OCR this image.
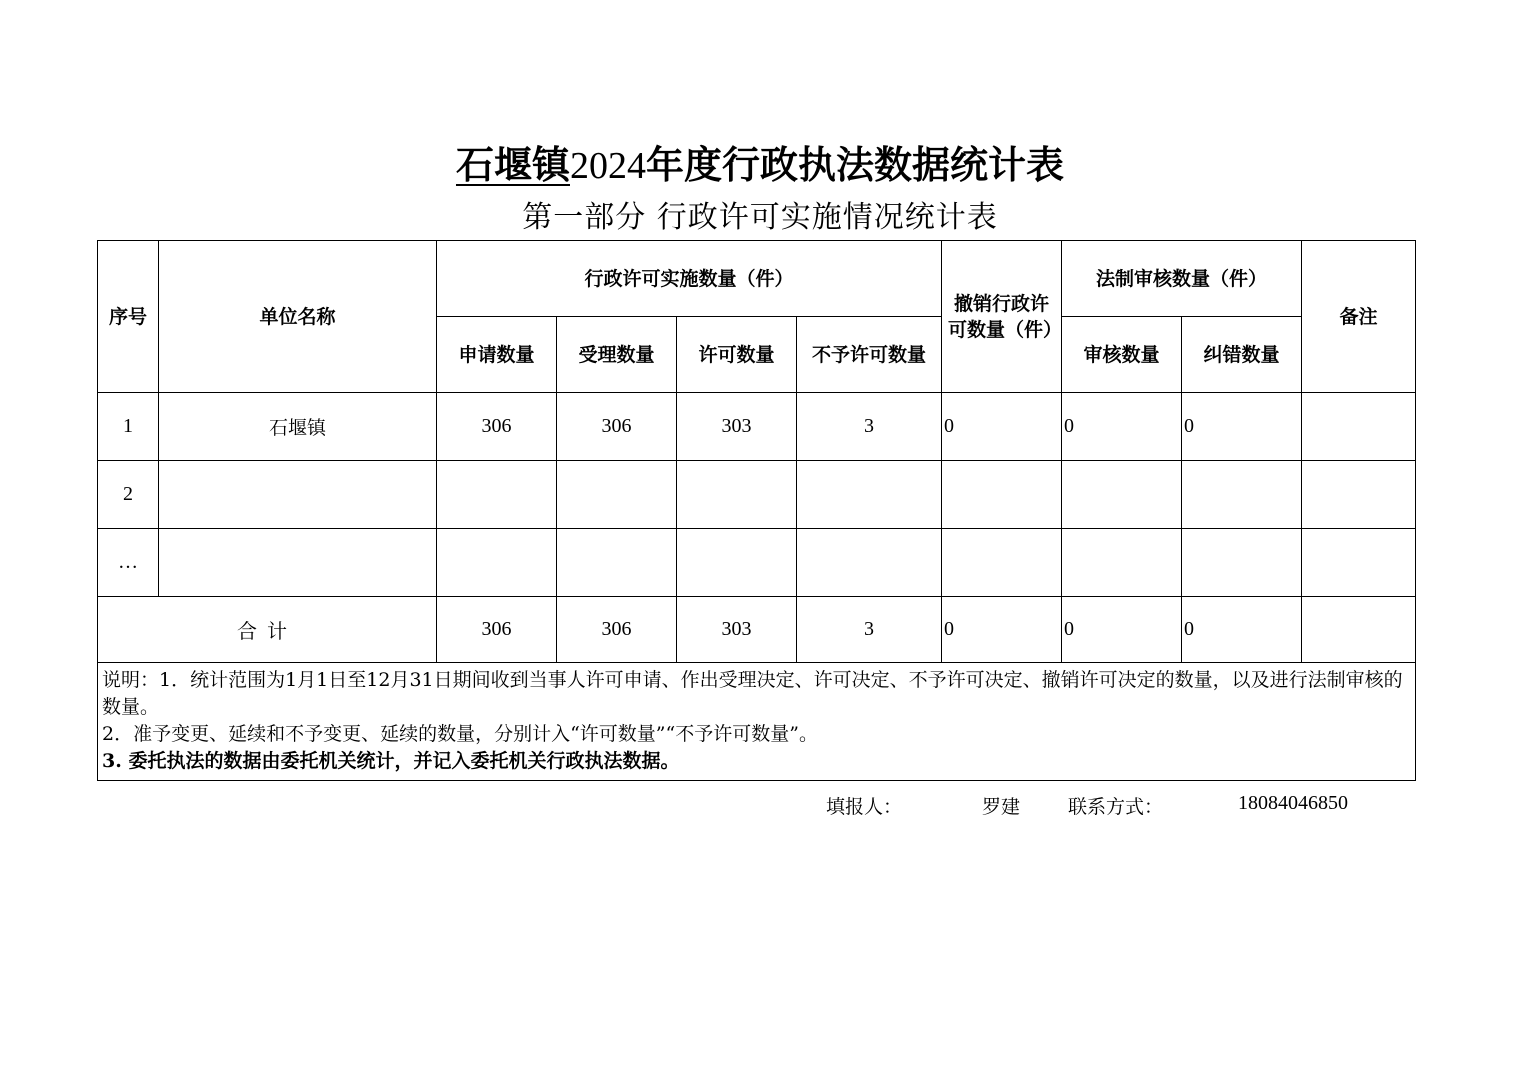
石堰镇2024年度行政执法数据统计表
第一部分 行政许可实施情况统计表
序号	单位名称	行政许可实施数量（件）				撤销行政许可数量（件）	法制审核数量（件）		备注
		申请数量	受理数量	许可数量	不予许可数量		审核数量	纠错数量	
1	石堰镇	306	306	303	3	0	0	0	
2									
…									
合计		306	306	303	3	0	0	0	

说明：1．统计范围为1月1日至12月31日期间收到当事人许可申请、作出受理决定、许可决定、不予许可决定、撤销许可决定的数量，以及进行法制审核的数量。
2．准予变更、延续和不予变更、延续的数量，分别计入“许可数量”“不予许可数量”。
3. 委托执法的数据由委托机关统计，并记入委托机关行政执法数据。									
填报人：	罗建	联系方式：	18084046850
